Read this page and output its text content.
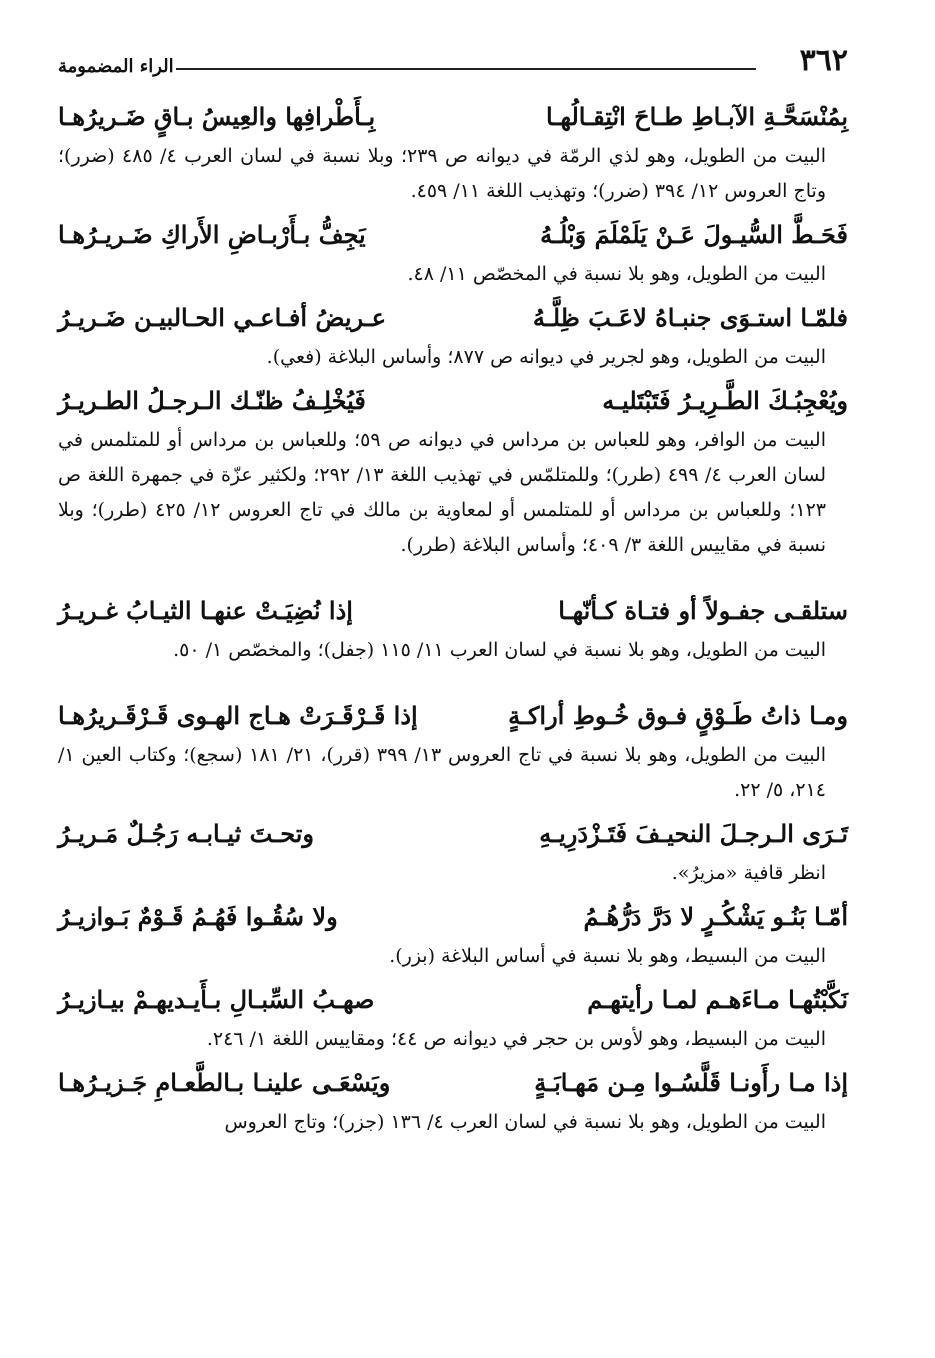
٣٦٢
الراء المضمومة
بِمُنْسَحَّـةِ الآبـاطِ طـاحَ انْتِقـالُهـا
بِـأَطْرافِها والعِيسُ بـاقٍ ضَـريرُهـا

البيت من الطويل، وهو لذي الرمّة في ديوانه ص ٢٣٩؛ وبلا نسبة في لسان العرب ٤/ ٤٨٥ (ضرر)؛ وتاج العروس ١٢/ ٣٩٤ (ضرر)؛ وتهذيب اللغة ١١/ ٤٥٩.

فَحَـطَّ السُّيـولَ عَـنْ يَلَمْلَمَ وَبْلُـهُ
يَجِفُّ بـأَرْبـاضِ الأَراكِ ضَـريـرُهـا

البيت من الطويل، وهو بلا نسبة في المخصّص ١١/ ٤٨.

فلمّـا استـوَى جنبـاهُ لاعَـبَ ظِلَّـهُ
عـريضُ أفـاعـي الحـالبيـن ضَـريـرُ

البيت من الطويل، وهو لجرير في ديوانه ص ٨٧٧؛ وأساس البلاغة (فعي).

ويُعْجِبُـكَ الطَّـرِيـرُ فَتَبْتَليـه
فَيُخْلِـفُ ظنّـك الـرجـلُ الطـريـرُ

البيت من الوافر، وهو للعباس بن مرداس في ديوانه ص ٥٩؛ وللعباس بن مرداس أو للمتلمس في لسان العرب ٤/ ٤٩٩ (طرر)؛ وللمتلمّس في تهذيب اللغة ١٣/ ٢٩٢؛ ولكثير عزّة في جمهرة اللغة ص ١٢٣؛ وللعباس بن مرداس أو للمتلمس أو لمعاوية بن مالك في تاج العروس ١٢/ ٤٢٥ (طرر)؛ وبلا نسبة في مقاييس اللغة ٣/ ٤٠٩؛ وأساس البلاغة (طرر).

ستلقـى جفـولاً أو فتـاة كـأنّهـا
إذا نُضِيَـتْ عنهـا الثيـابُ غـريـرُ

البيت من الطويل، وهو بلا نسبة في لسان العرب ١١/ ١١٥ (جفل)؛ والمخصّص ١/ ٥٠.

ومـا ذاتُ طَـوْقٍ فـوق خُـوطِ أراكـةٍ
إذا قَـرْقَـرَتْ هـاج الهـوى قَـرْقَـريرُهـا

البيت من الطويل، وهو بلا نسبة في تاج العروس ١٣/ ٣٩٩ (قرر)، ٢١/ ١٨١ (سجع)؛ وكتاب العين ١/ ٢١٤، ٥/ ٢٢.

تَـرَى الـرجـلَ النحيـفَ فَتَـزْدَرِيـهِ
وتحـتَ ثيـابـه رَجُـلٌ مَـريـرُ

انظر قافية «مزيرُ».

أمّـا بَنُـو يَشْكُـرٍ لا دَرَّ دَرُّهُـمُ
ولا سُقُـوا فَهُـمُ قَـوْمٌ بَـوازيـرُ

البيت من البسيط، وهو بلا نسبة في أساس البلاغة (بزر).

نَكَّبْتُهـا مـاءَهـم لمـا رأيتهـم
صهـبُ السِّبـالِ بـأَيـديهـمْ بيـازيـرُ

البيت من البسيط، وهو لأوس بن حجر في ديوانه ص ٤٤؛ ومقاييس اللغة ١/ ٢٤٦.

إذا مـا رأَونـا قَلَّسُـوا مِـن مَهـابَـةٍ
ويَسْعَـى علينـا بـالطَّعـامِ جَـزيـرُهـا

البيت من الطويل، وهو بلا نسبة في لسان العرب ٤/ ١٣٦ (جزر)؛ وتاج العروس
